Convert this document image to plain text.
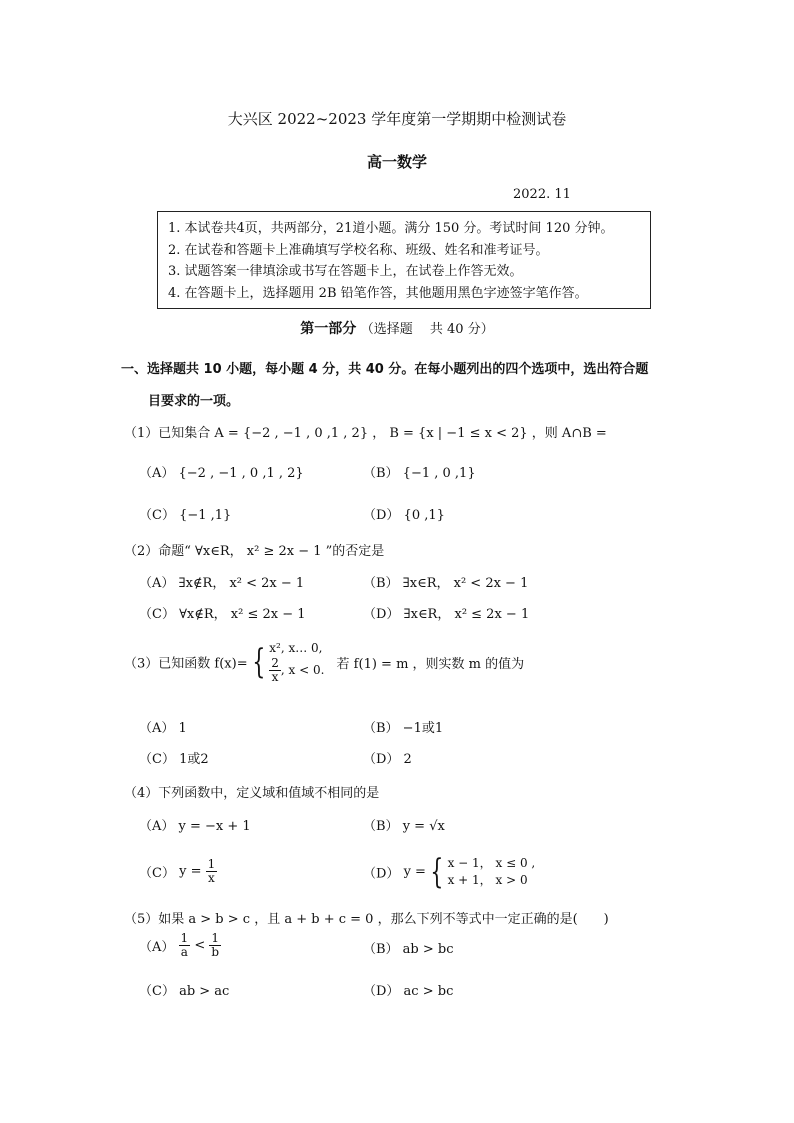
大兴区 2022~2023 学年度第一学期期中检测试卷
高一数学
2022. 11
1. 本试卷共4页，共两部分，21道小题。满分 150 分。考试时间 120 分钟。
2. 在试卷和答题卡上准确填写学校名称、班级、姓名和准考证号。
3. 试题答案一律填涂或书写在答题卡上，在试卷上作答无效。
4. 在答题卡上，选择题用 2B 铅笔作答，其他题用黑色字迹签字笔作答。
第一部分 （选择题　 共 40 分）
一、选择题共 10 小题，每小题 4 分，共 40 分。在每小题列出的四个选项中，选出符合题
目要求的一项。
（1）已知集合 A = {−2 , −1 , 0 ,1 , 2} ， B = {x | −1 ≤ x < 2} ，则 A∩B =
（A） {−2 , −1 , 0 ,1 , 2}	（B） {−1 , 0 ,1}
（C） {−1 ,1}	（D） {0 ,1}
（2）命题“ ∀x∈R， x² ≥ 2x − 1 ”的否定是
（A） ∃x∉R， x² < 2x − 1	（B） ∃x∈R， x² < 2x − 1
（C） ∀x∉R， x² ≤ 2x − 1	（D） ∃x∈R， x² ≤ 2x − 1
（3）已知函数 f(x)= { x², x… 0,
$\frac{2}{x}$ , x < 0. 若 f(1) = m ，则实数 m 的值为
（A） 1	（B） −1或1
（C） 1或2	（D） 2
（4）下列函数中，定义域和值域不相同的是
（A） y = −x + 1	（B） y = √x
（C） $y = \frac{1}{x}$	（D） y = { x − 1， x ≤ 0 ,
x + 1， x > 0
（5）如果 a > b > c ，且 a + b + c = 0 ，那么下列不等式中一定正确的是(　　)
$(A) \frac{1}{a} < \frac{1}{b}$	（B） ab > bc
（C） ab > ac	（D） ac > bc
